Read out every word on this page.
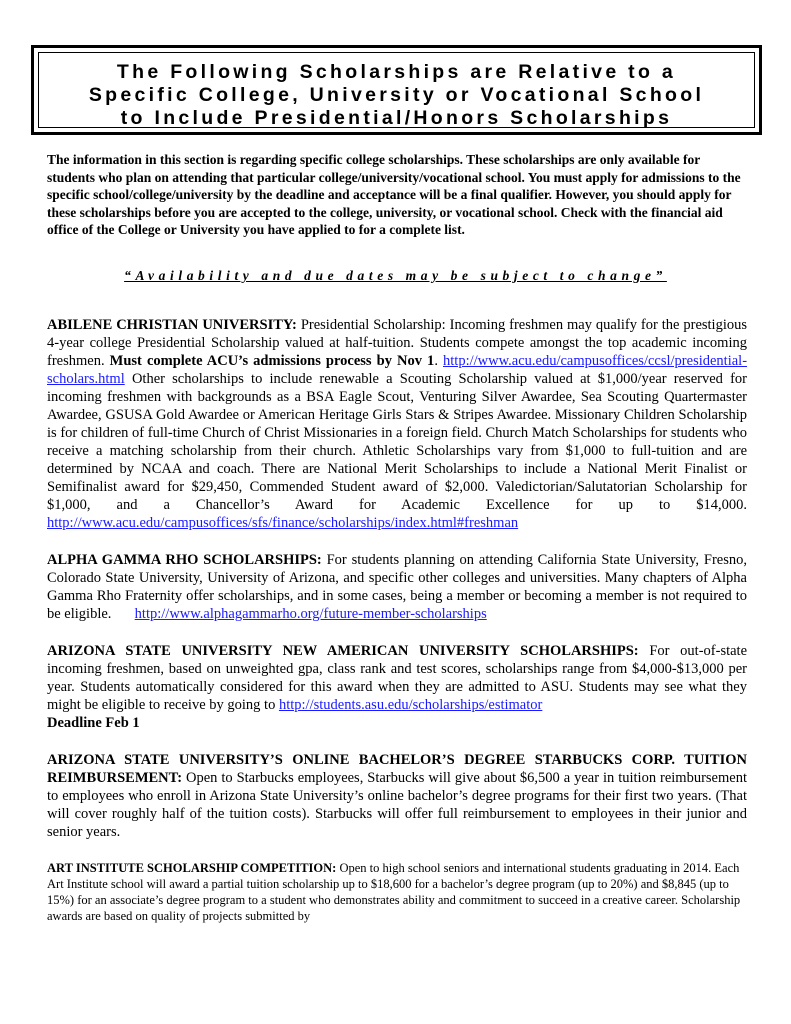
The Following Scholarships are Relative to a
Specific College, University or Vocational School
to Include Presidential/Honors Scholarships

The information in this section is regarding specific college scholarships. These scholarships are only available for students who plan on attending that particular college/university/vocational school. You must apply for admissions to the specific school/college/university by the deadline and acceptance will be a final qualifier. However, you should apply for these scholarships before you are accepted to the college, university, or vocational school. Check with the financial aid office of the College or University you have applied to for a complete list.

“Availability and due dates may be subject to change”

ABILENE CHRISTIAN UNIVERSITY: Presidential Scholarship: Incoming freshmen may qualify for the prestigious 4-year college Presidential Scholarship valued at half-tuition. Students compete amongst the top academic incoming freshmen. Must complete ACU’s admissions process by Nov 1. http://www.acu.edu/campusoffices/ccsl/presidential-scholars.html Other scholarships to include renewable a Scouting Scholarship valued at $1,000/year reserved for incoming freshmen with backgrounds as a BSA Eagle Scout, Venturing Silver Awardee, Sea Scouting Quartermaster Awardee, GSUSA Gold Awardee or American Heritage Girls Stars & Stripes Awardee. Missionary Children Scholarship is for children of full-time Church of Christ Missionaries in a foreign field. Church Match Scholarships for students who receive a matching scholarship from their church. Athletic Scholarships vary from $1,000 to full-tuition and are determined by NCAA and coach. There are National Merit Scholarships to include a National Merit Finalist or Semifinalist award for $29,450, Commended Student award of $2,000. Valedictorian/Salutatorian Scholarship for $1,000, and a Chancellor’s Award for Academic Excellence for up to $14,000. http://www.acu.edu/campusoffices/sfs/finance/scholarships/index.html#freshman

ALPHA GAMMA RHO SCHOLARSHIPS: For students planning on attending California State University, Fresno, Colorado State University, University of Arizona, and specific other colleges and universities. Many chapters of Alpha Gamma Rho Fraternity offer scholarships, and in some cases, being a member or becoming a member is not required to be eligible. http://www.alphagammarho.org/future-member-scholarships

ARIZONA STATE UNIVERSITY NEW AMERICAN UNIVERSITY SCHOLARSHIPS: For out-of-state incoming freshmen, based on unweighted gpa, class rank and test scores, scholarships range from $4,000-$13,000 per year. Students automatically considered for this award when they are admitted to ASU. Students may see what they might be eligible to receive by going to http://students.asu.edu/scholarships/estimator
Deadline Feb 1

ARIZONA STATE UNIVERSITY’S ONLINE BACHELOR’S DEGREE STARBUCKS CORP. TUITION REIMBURSEMENT: Open to Starbucks employees, Starbucks will give about $6,500 a year in tuition reimbursement to employees who enroll in Arizona State University’s online bachelor’s degree programs for their first two years. (That will cover roughly half of the tuition costs). Starbucks will offer full reimbursement to employees in their junior and senior years.

ART INSTITUTE SCHOLARSHIP COMPETITION: Open to high school seniors and international students graduating in 2014. Each Art Institute school will award a partial tuition scholarship up to $18,600 for a bachelor’s degree program (up to 20%) and $8,845 (up to 15%) for an associate’s degree program to a student who demonstrates ability and commitment to succeed in a creative career. Scholarship awards are based on quality of projects submitted by
